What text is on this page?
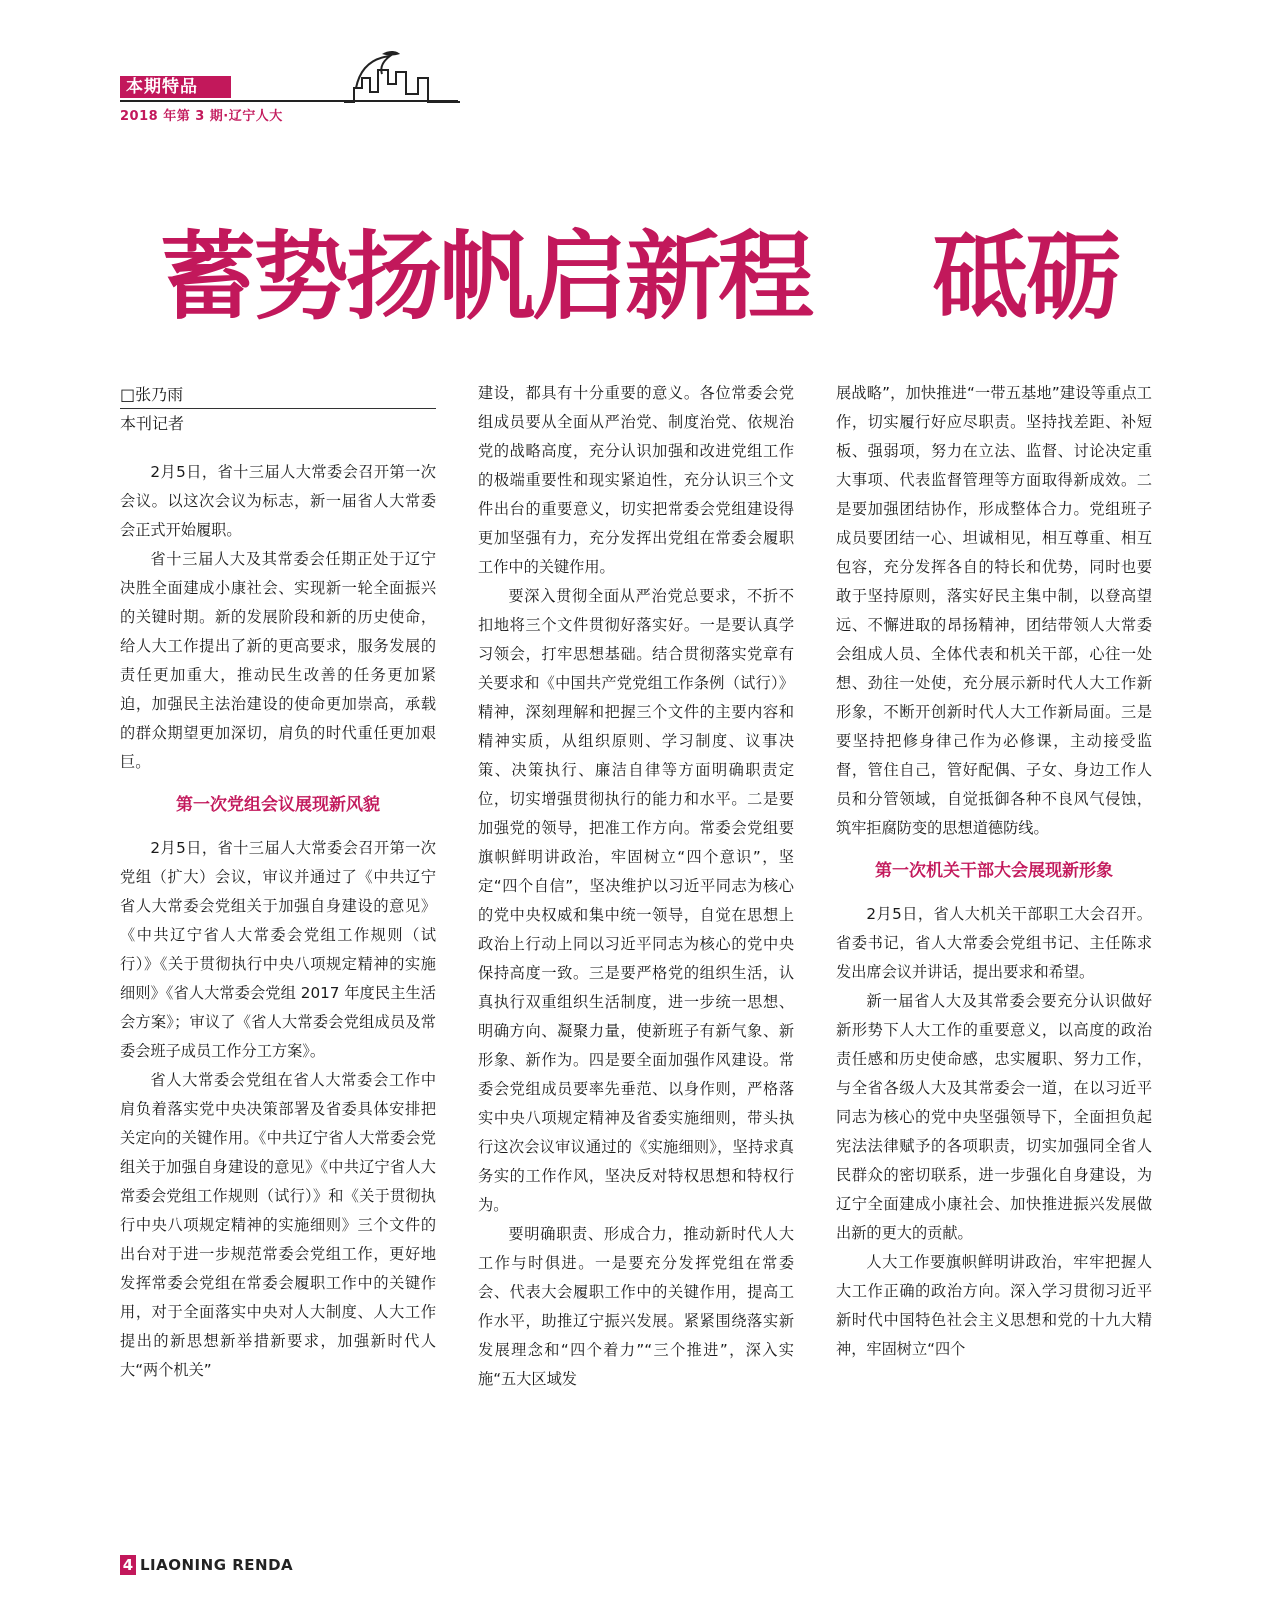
本期特品
2018 年第 3 期·辽宁人大
蓄势扬帆启新程    砥砺
□张乃雨
本刊记者

2月5日，省十三届人大常委会召开第一次会议。以这次会议为标志，新一届省人大常委会正式开始履职。

省十三届人大及其常委会任期正处于辽宁决胜全面建成小康社会、实现新一轮全面振兴的关键时期。新的发展阶段和新的历史使命，给人大工作提出了新的更高要求，服务发展的责任更加重大，推动民生改善的任务更加紧迫，加强民主法治建设的使命更加崇高，承载的群众期望更加深切，肩负的时代重任更加艰巨。

第一次党组会议展现新风貌

2月5日，省十三届人大常委会召开第一次党组（扩大）会议，审议并通过了《中共辽宁省人大常委会党组关于加强自身建设的意见》《中共辽宁省人大常委会党组工作规则（试行）》《关于贯彻执行中央八项规定精神的实施细则》《省人大常委会党组 2017 年度民主生活会方案》；审议了《省人大常委会党组成员及常委会班子成员工作分工方案》。

省人大常委会党组在省人大常委会工作中肩负着落实党中央决策部署及省委具体安排把关定向的关键作用。《中共辽宁省人大常委会党组关于加强自身建设的意见》《中共辽宁省人大常委会党组工作规则（试行）》和《关于贯彻执行中央八项规定精神的实施细则》三个文件的出台对于进一步规范常委会党组工作，更好地发挥常委会党组在常委会履职工作中的关键作用，对于全面落实中央对人大制度、人大工作提出的新思想新举措新要求，加强新时代人大“两个机关”

建设，都具有十分重要的意义。各位常委会党组成员要从全面从严治党、制度治党、依规治党的战略高度，充分认识加强和改进党组工作的极端重要性和现实紧迫性，充分认识三个文件出台的重要意义，切实把常委会党组建设得更加坚强有力，充分发挥出党组在常委会履职工作中的关键作用。

要深入贯彻全面从严治党总要求，不折不扣地将三个文件贯彻好落实好。一是要认真学习领会，打牢思想基础。结合贯彻落实党章有关要求和《中国共产党党组工作条例（试行）》精神，深刻理解和把握三个文件的主要内容和精神实质，从组织原则、学习制度、议事决策、决策执行、廉洁自律等方面明确职责定位，切实增强贯彻执行的能力和水平。二是要加强党的领导，把准工作方向。常委会党组要旗帜鲜明讲政治，牢固树立“四个意识”，坚定“四个自信”，坚决维护以习近平同志为核心的党中央权威和集中统一领导，自觉在思想上政治上行动上同以习近平同志为核心的党中央保持高度一致。三是要严格党的组织生活，认真执行双重组织生活制度，进一步统一思想、明确方向、凝聚力量，使新班子有新气象、新形象、新作为。四是要全面加强作风建设。常委会党组成员要率先垂范、以身作则，严格落实中央八项规定精神及省委实施细则，带头执行这次会议审议通过的《实施细则》，坚持求真务实的工作作风，坚决反对特权思想和特权行为。

要明确职责、形成合力，推动新时代人大工作与时俱进。一是要充分发挥党组在常委会、代表大会履职工作中的关键作用，提高工作水平，助推辽宁振兴发展。紧紧围绕落实新发展理念和“四个着力”“三个推进”，深入实施“五大区域发

展战略”，加快推进“一带五基地”建设等重点工作，切实履行好应尽职责。坚持找差距、补短板、强弱项，努力在立法、监督、讨论决定重大事项、代表监督管理等方面取得新成效。二是要加强团结协作，形成整体合力。党组班子成员要团结一心、坦诚相见，相互尊重、相互包容，充分发挥各自的特长和优势，同时也要敢于坚持原则，落实好民主集中制，以登高望远、不懈进取的昂扬精神，团结带领人大常委会组成人员、全体代表和机关干部，心往一处想、劲往一处使，充分展示新时代人大工作新形象，不断开创新时代人大工作新局面。三是要坚持把修身律己作为必修课，主动接受监督，管住自己，管好配偶、子女、身边工作人员和分管领域，自觉抵御各种不良风气侵蚀，筑牢拒腐防变的思想道德防线。

第一次机关干部大会展现新形象

2月5日，省人大机关干部职工大会召开。省委书记，省人大常委会党组书记、主任陈求发出席会议并讲话，提出要求和希望。

新一届省人大及其常委会要充分认识做好新形势下人大工作的重要意义，以高度的政治责任感和历史使命感，忠实履职、努力工作，与全省各级人大及其常委会一道，在以习近平同志为核心的党中央坚强领导下，全面担负起宪法法律赋予的各项职责，切实加强同全省人民群众的密切联系，进一步强化自身建设，为辽宁全面建成小康社会、加快推进振兴发展做出新的更大的贡献。

人大工作要旗帜鲜明讲政治，牢牢把握人大工作正确的政治方向。深入学习贯彻习近平新时代中国特色社会主义思想和党的十九大精神，牢固树立“四个

4 LIAONING RENDA
